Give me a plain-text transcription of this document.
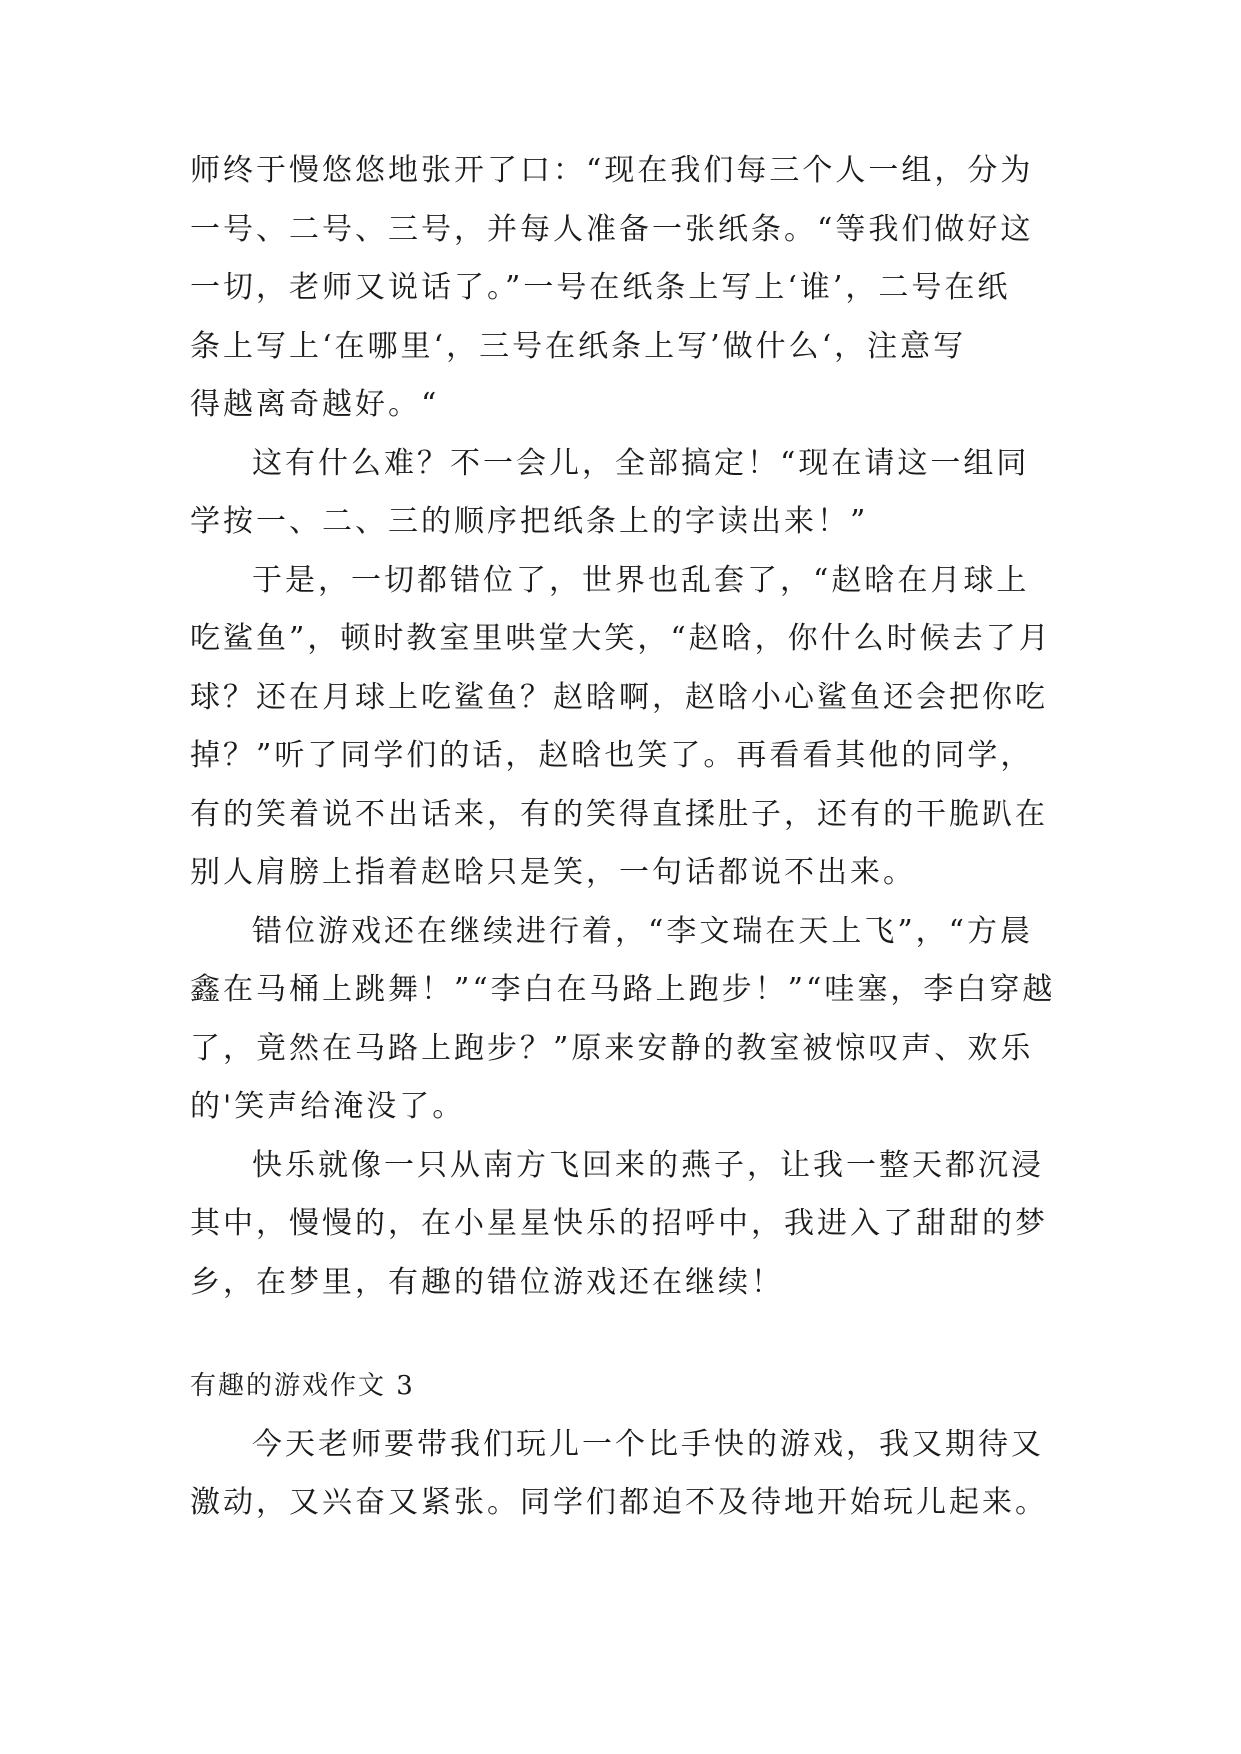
师终于慢悠悠地张开了口：“现在我们每三个人一组，分为
一号、二号、三号，并每人准备一张纸条。“等我们做好这
一切，老师又说话了。”一号在纸条上写上‘谁’，二号在纸
条上写上‘在哪里‘，三号在纸条上写’做什么‘，注意写
得越离奇越好。“
这有什么难？不一会儿，全部搞定！“现在请这一组同
学按一、二、三的顺序把纸条上的字读出来！”
于是，一切都错位了，世界也乱套了，“赵晗在月球上
吃鲨鱼”，顿时教室里哄堂大笑，“赵晗，你什么时候去了月
球？还在月球上吃鲨鱼？赵晗啊，赵晗小心鲨鱼还会把你吃
掉？”听了同学们的话，赵晗也笑了。再看看其他的同学，
有的笑着说不出话来，有的笑得直揉肚子，还有的干脆趴在
别人肩膀上指着赵晗只是笑，一句话都说不出来。
错位游戏还在继续进行着，“李文瑞在天上飞”，“方晨
鑫在马桶上跳舞！”“李白在马路上跑步！”“哇塞，李白穿越
了，竟然在马路上跑步？”原来安静的教室被惊叹声、欢乐
的'笑声给淹没了。
快乐就像一只从南方飞回来的燕子，让我一整天都沉浸
其中，慢慢的，在小星星快乐的招呼中，我进入了甜甜的梦
乡，在梦里，有趣的错位游戏还在继续！
有趣的游戏作文 3
今天老师要带我们玩儿一个比手快的游戏，我又期待又
激动，又兴奋又紧张。同学们都迫不及待地开始玩儿起来。
